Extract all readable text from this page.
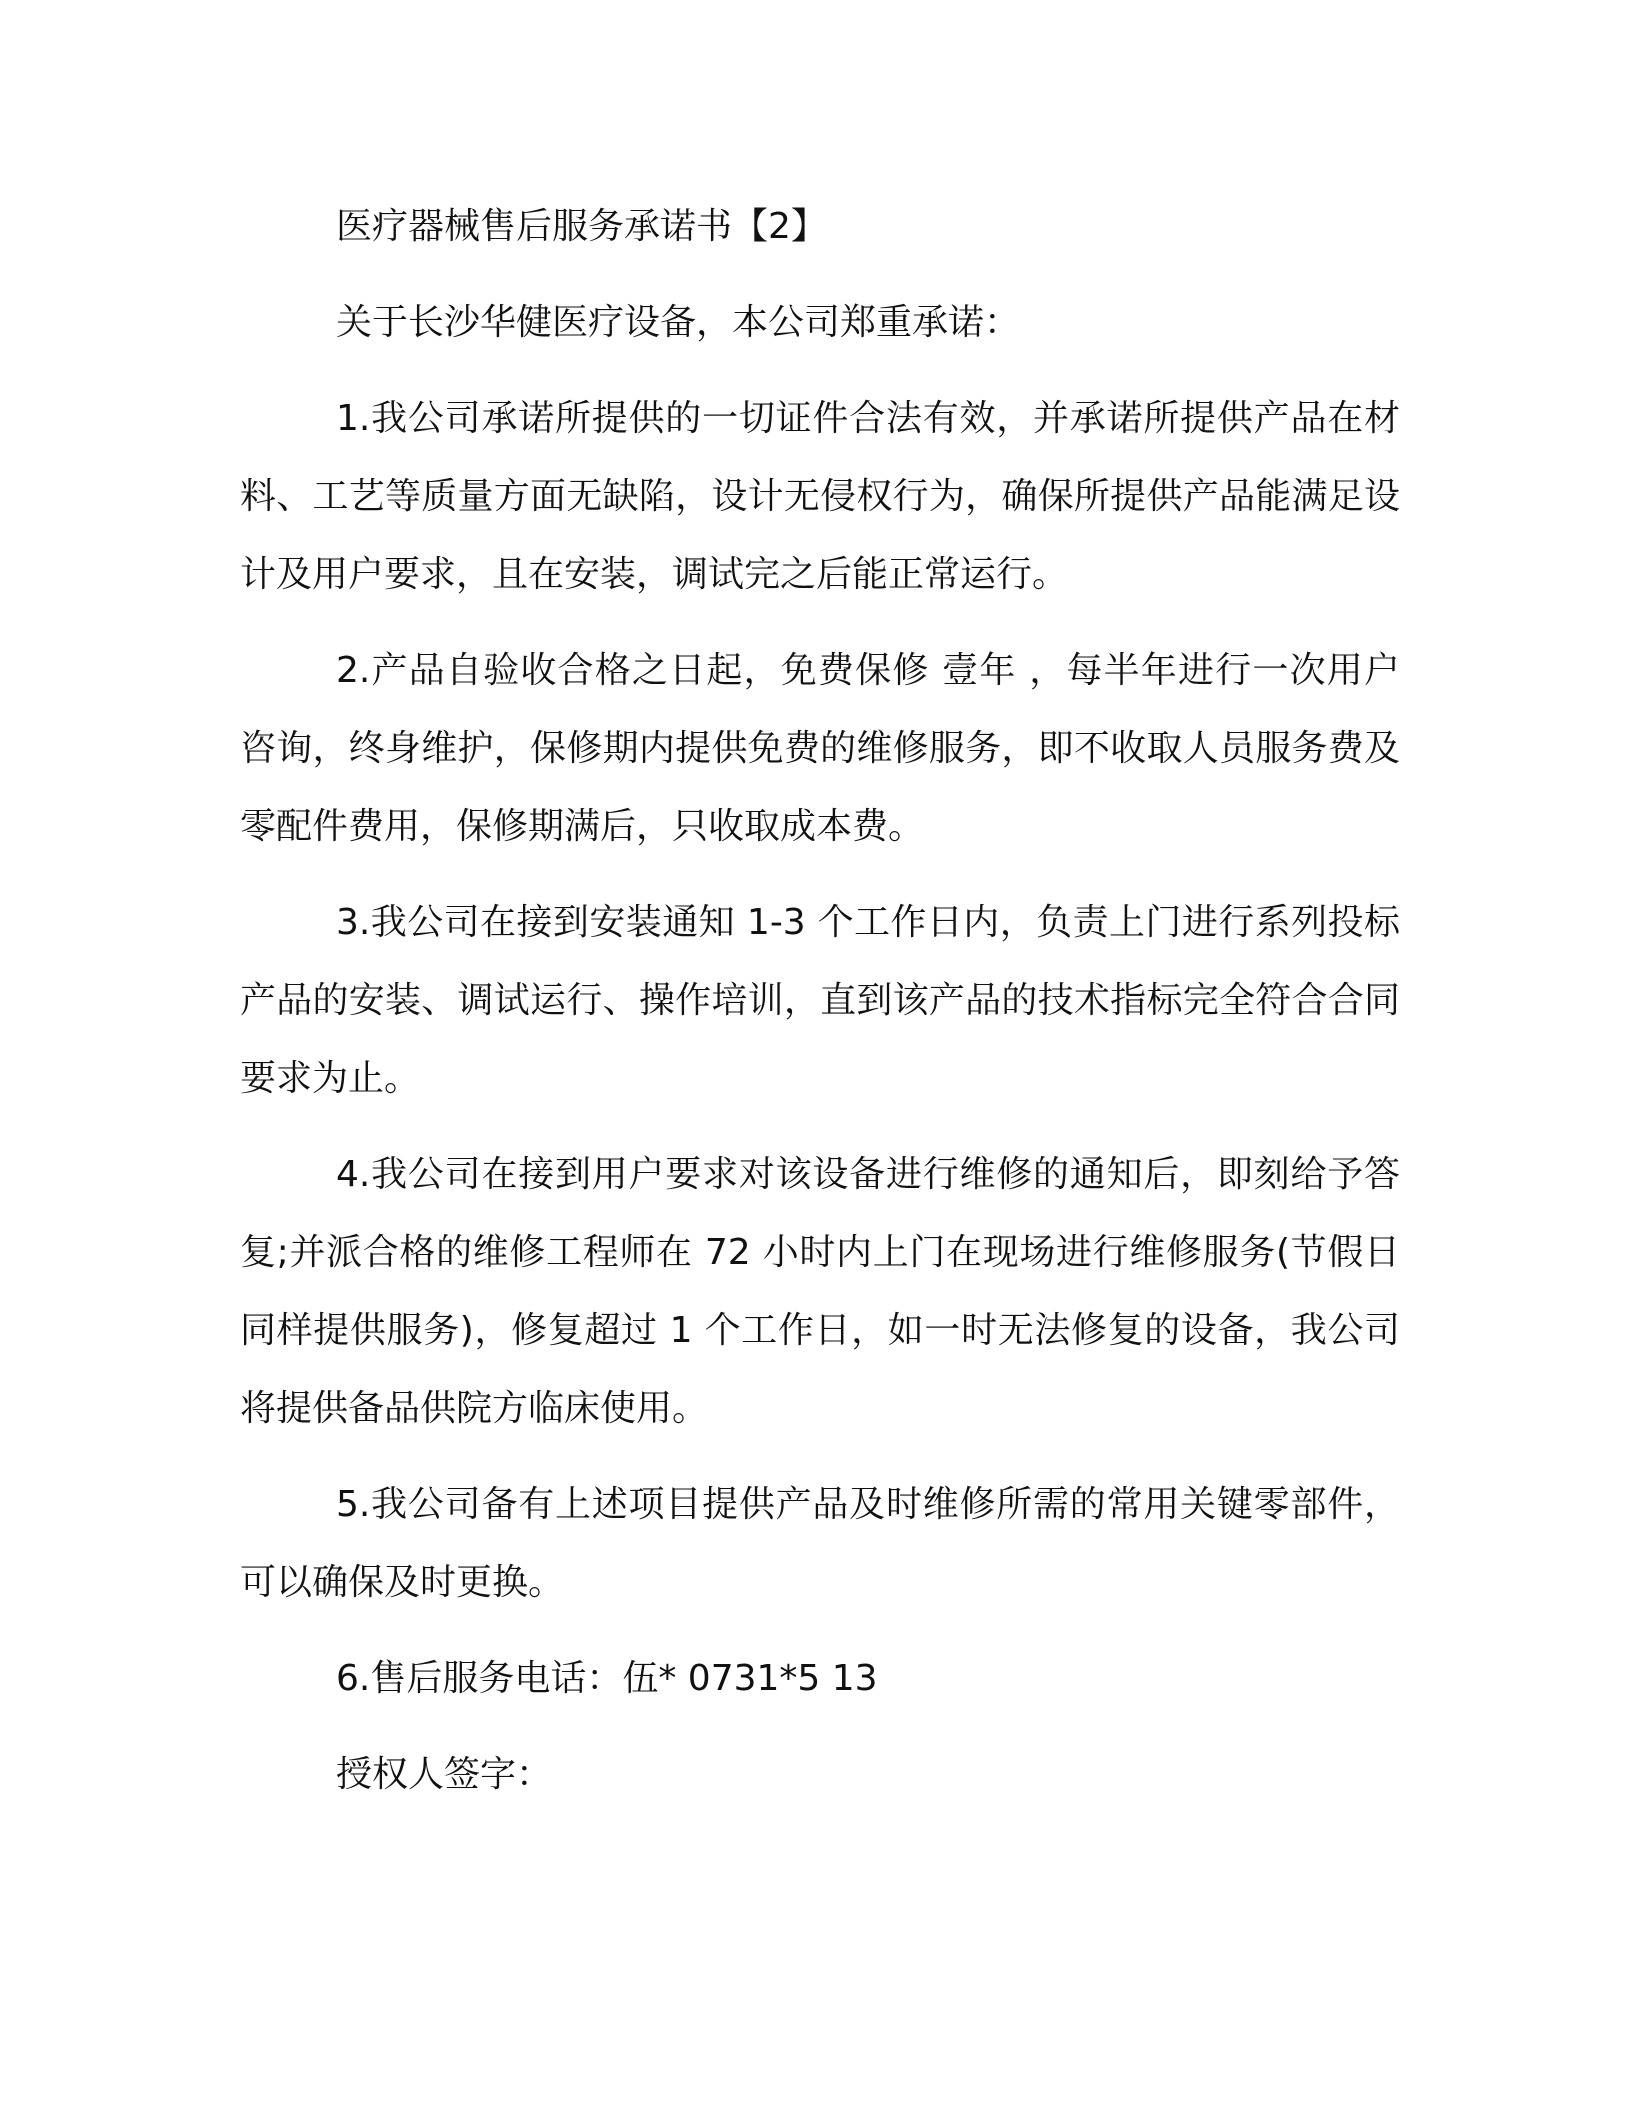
医疗器械售后服务承诺书【2】

关于长沙华健医疗设备，本公司郑重承诺：

1.我公司承诺所提供的一切证件合法有效，并承诺所提供产品在材料、工艺等质量方面无缺陷，设计无侵权行为，确保所提供产品能满足设计及用户要求，且在安装，调试完之后能正常运行。

2.产品自验收合格之日起，免费保修 壹年 ，每半年进行一次用户咨询，终身维护，保修期内提供免费的维修服务，即不收取人员服务费及零配件费用，保修期满后，只收取成本费。

3.我公司在接到安装通知 1-3 个工作日内，负责上门进行系列投标产品的安装、调试运行、操作培训，直到该产品的技术指标完全符合合同要求为止。

4.我公司在接到用户要求对该设备进行维修的通知后，即刻给予答复;并派合格的维修工程师在 72 小时内上门在现场进行维修服务(节假日同样提供服务)，修复超过 1 个工作日，如一时无法修复的设备，我公司将提供备品供院方临床使用。

5.我公司备有上述项目提供产品及时维修所需的常用关键零部件，可以确保及时更换。

6.售后服务电话：伍* 0731*5 13

授权人签字：
